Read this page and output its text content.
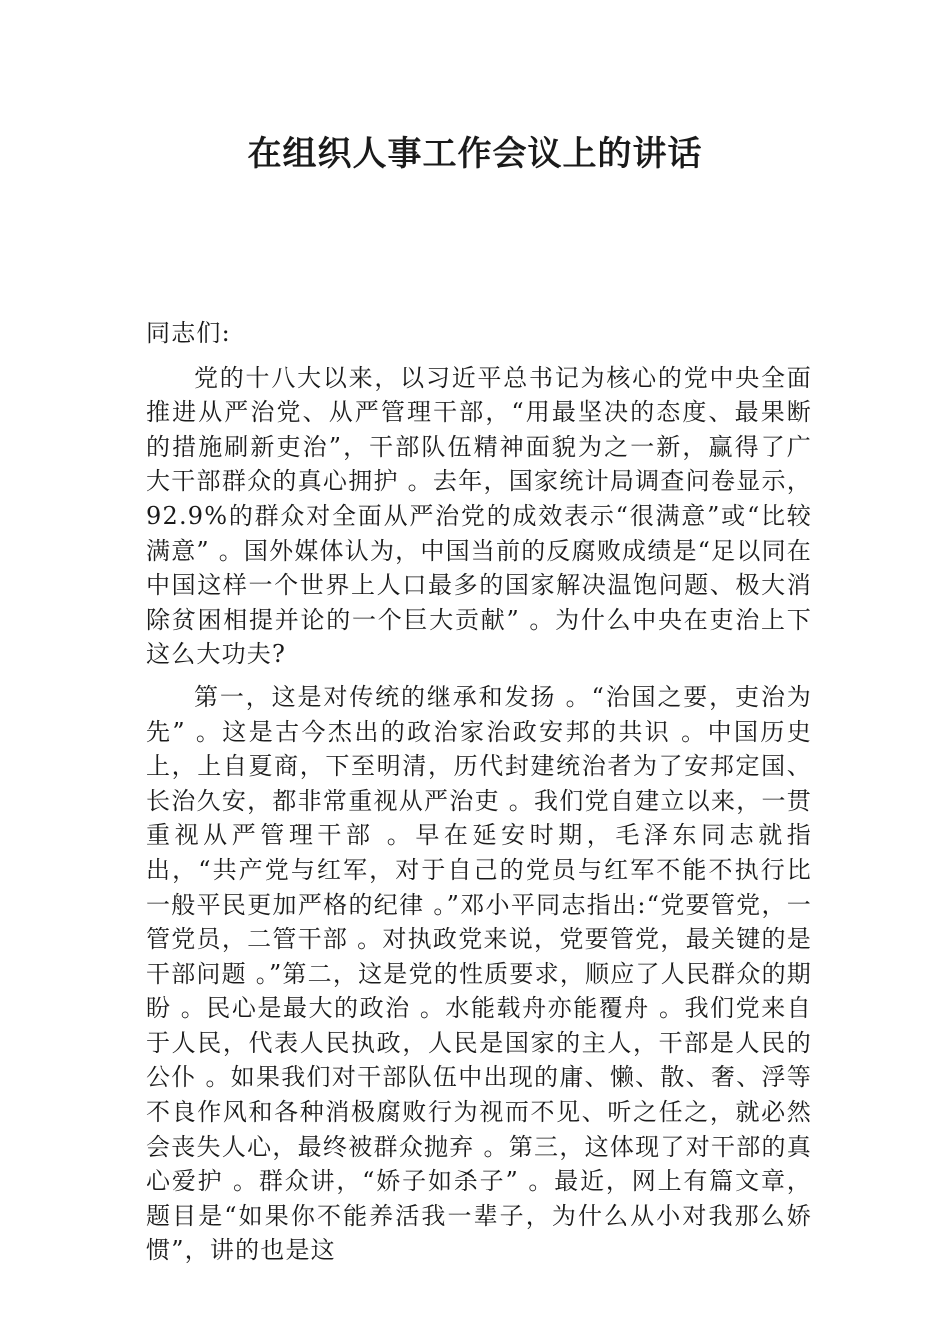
在组织人事工作会议上的讲话

同志们:

党的十八大以来，以习近平总书记为核心的党中央全面推进从严治党、从严管理干部，“用最坚决的态度、最果断的措施刷新吏治”，干部队伍精神面貌为之一新，赢得了广大干部群众的真心拥护 。去年，国家统计局调查问卷显示，92.9%的群众对全面从严治党的成效表示“很满意”或“比较满意” 。国外媒体认为，中国当前的反腐败成绩是“足以同在中国这样一个世界上人口最多的国家解决温饱问题、极大消除贫困相提并论的一个巨大贡献” 。为什么中央在吏治上下这么大功夫?

第一，这是对传统的继承和发扬 。“治国之要，吏治为先” 。这是古今杰出的政治家治政安邦的共识 。中国历史上，上自夏商，下至明清，历代封建统治者为了安邦定国、长治久安，都非常重视从严治吏 。我们党自建立以来，一贯重视从严管理干部 。早在延安时期，毛泽东同志就指出，“共产党与红军，对于自己的党员与红军不能不执行比一般平民更加严格的纪律 。”邓小平同志指出:“党要管党，一管党员，二管干部 。对执政党来说，党要管党，最关键的是干部问题 。”第二，这是党的性质要求，顺应了人民群众的期盼 。民心是最大的政治 。水能载舟亦能覆舟 。我们党来自于人民，代表人民执政，人民是国家的主人，干部是人民的公仆 。如果我们对干部队伍中出现的庸、懒、散、奢、浮等不良作风和各种消极腐败行为视而不见、听之任之，就必然会丧失人心，最终被群众抛弃 。第三，这体现了对干部的真心爱护 。群众讲，“娇子如杀子” 。最近，网上有篇文章，题目是“如果你不能养活我一辈子，为什么从小对我那么娇惯”，讲的也是这
